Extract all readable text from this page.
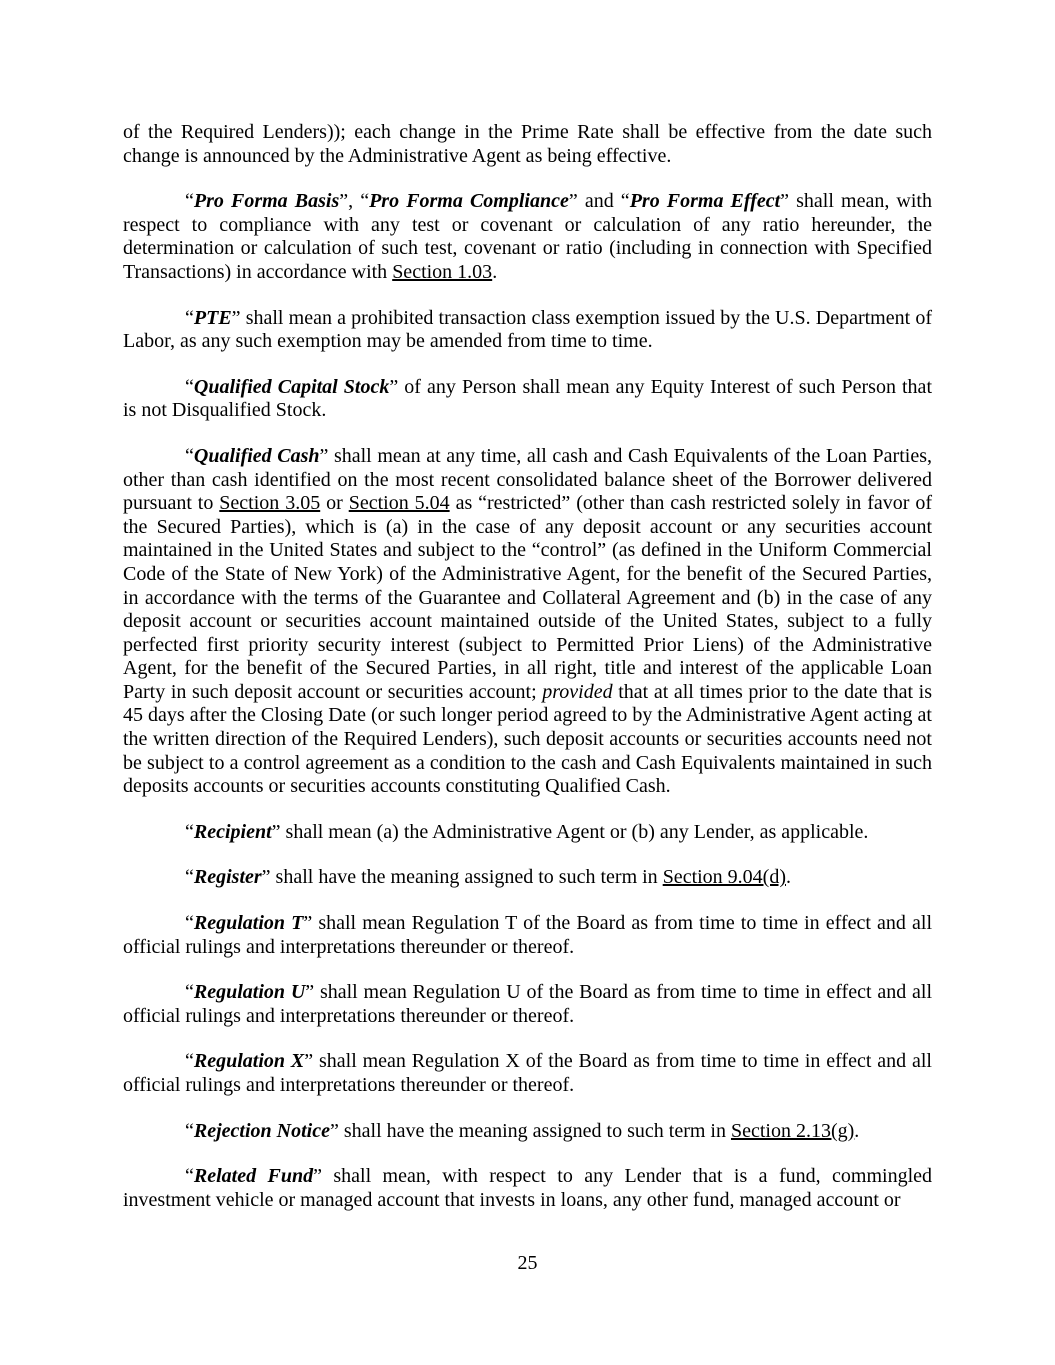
of the Required Lenders)); each change in the Prime Rate shall be effective from the date such change is announced by the Administrative Agent as being effective.

“Pro Forma Basis”, “Pro Forma Compliance” and “Pro Forma Effect” shall mean, with respect to compliance with any test or covenant or calculation of any ratio hereunder, the determination or calculation of such test, covenant or ratio (including in connection with Specified Transactions) in accordance with Section 1.03.

“PTE” shall mean a prohibited transaction class exemption issued by the U.S. Department of Labor, as any such exemption may be amended from time to time.

“Qualified Capital Stock” of any Person shall mean any Equity Interest of such Person that is not Disqualified Stock.

“Qualified Cash” shall mean at any time, all cash and Cash Equivalents of the Loan Parties, other than cash identified on the most recent consolidated balance sheet of the Borrower delivered pursuant to Section 3.05 or Section 5.04 as “restricted” (other than cash restricted solely in favor of the Secured Parties), which is (a) in the case of any deposit account or any securities account maintained in the United States and subject to the “control” (as defined in the Uniform Commercial Code of the State of New York) of the Administrative Agent, for the benefit of the Secured Parties, in accordance with the terms of the Guarantee and Collateral Agreement and (b) in the case of any deposit account or securities account maintained outside of the United States, subject to a fully perfected first priority security interest (subject to Permitted Prior Liens) of the Administrative Agent, for the benefit of the Secured Parties, in all right, title and interest of the applicable Loan Party in such deposit account or securities account; provided that at all times prior to the date that is 45 days after the Closing Date (or such longer period agreed to by the Administrative Agent acting at the written direction of the Required Lenders), such deposit accounts or securities accounts need not be subject to a control agreement as a condition to the cash and Cash Equivalents maintained in such deposits accounts or securities accounts constituting Qualified Cash.

“Recipient” shall mean (a) the Administrative Agent or (b) any Lender, as applicable.

“Register” shall have the meaning assigned to such term in Section 9.04(d).

“Regulation T” shall mean Regulation T of the Board as from time to time in effect and all official rulings and interpretations thereunder or thereof.

“Regulation U” shall mean Regulation U of the Board as from time to time in effect and all official rulings and interpretations thereunder or thereof.

“Regulation X” shall mean Regulation X of the Board as from time to time in effect and all official rulings and interpretations thereunder or thereof.

“Rejection Notice” shall have the meaning assigned to such term in Section 2.13(g).

“Related Fund” shall mean, with respect to any Lender that is a fund, commingled investment vehicle or managed account that invests in loans, any other fund, managed account or

25
